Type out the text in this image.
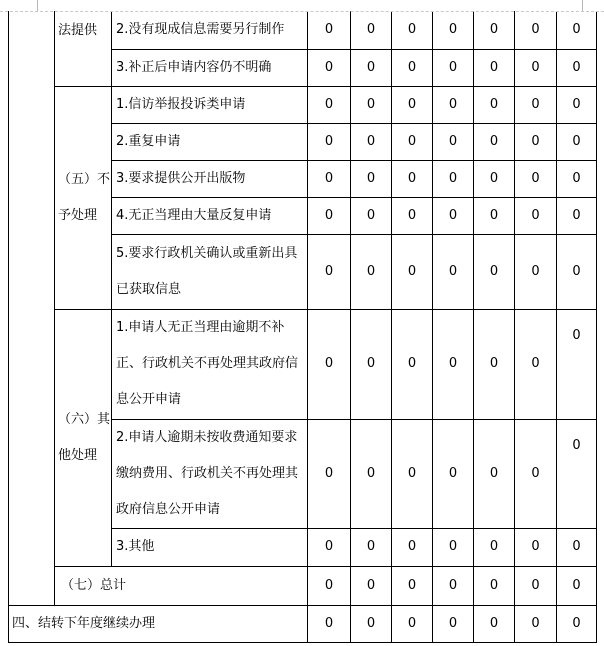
	法提供	2.没有现成信息需要另行制作	0	0	0	0	0	0	0
		3.补正后申请内容仍不明确	0	0	0	0	0	0	0
	（五）不予处理	1.信访举报投诉类申请	0	0	0	0	0	0	0
		2.重复申请	0	0	0	0	0	0	0
		3.要求提供公开出版物	0	0	0	0	0	0	0
		4.无正当理由大量反复申请	0	0	0	0	0	0	0
		5.要求行政机关确认或重新出具已获取信息	0	0	0	0	0	0	0
	（六）其他处理	1.申请人无正当理由逾期不补正、行政机关不再处理其政府信息公开申请	0	0	0	0	0	0	0
		2.申请人逾期未按收费通知要求缴纳费用、行政机关不再处理其政府信息公开申请	0	0	0	0	0	0	0
		3.其他	0	0	0	0	0	0	0
	（七）总计		0	0	0	0	0	0	0
四、结转下年度继续办理			0	0	0	0	0	0	0
